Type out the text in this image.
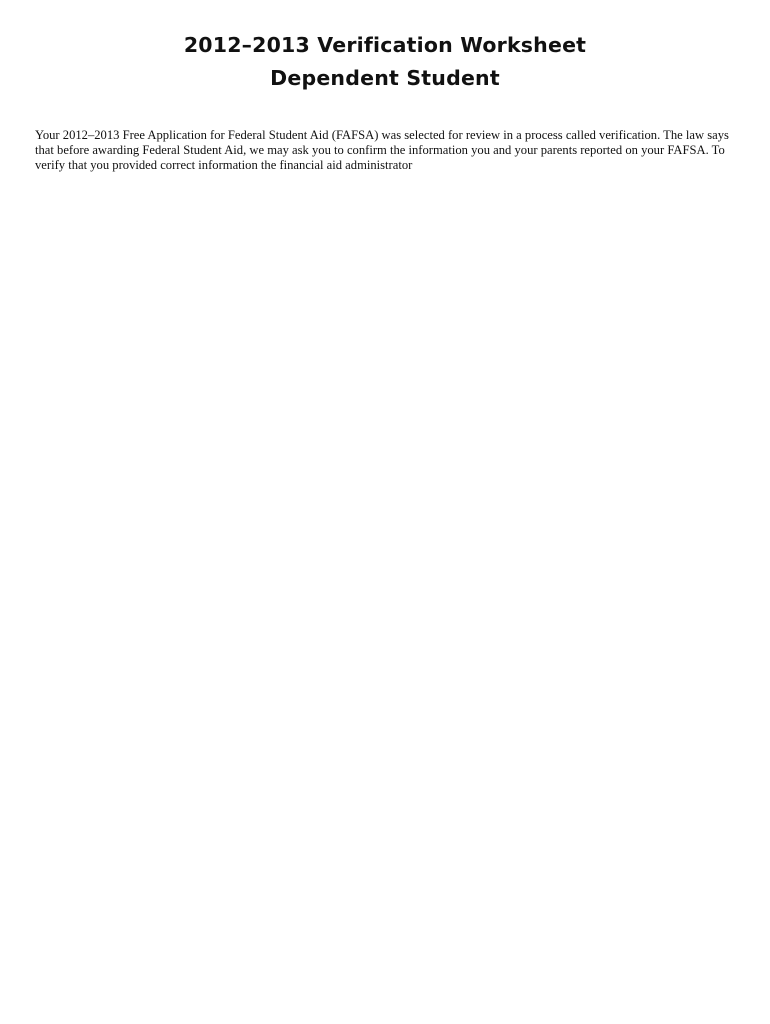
2012–2013 Verification Worksheet
Dependent Student

Your 2012–2013 Free Application for Federal Student Aid (FAFSA) was selected for review in a process called verification. The law says
that before awarding Federal Student Aid, we may ask you to confirm the information you and your parents reported on your FAFSA. To
verify that you provided correct information the financial aid administrator
